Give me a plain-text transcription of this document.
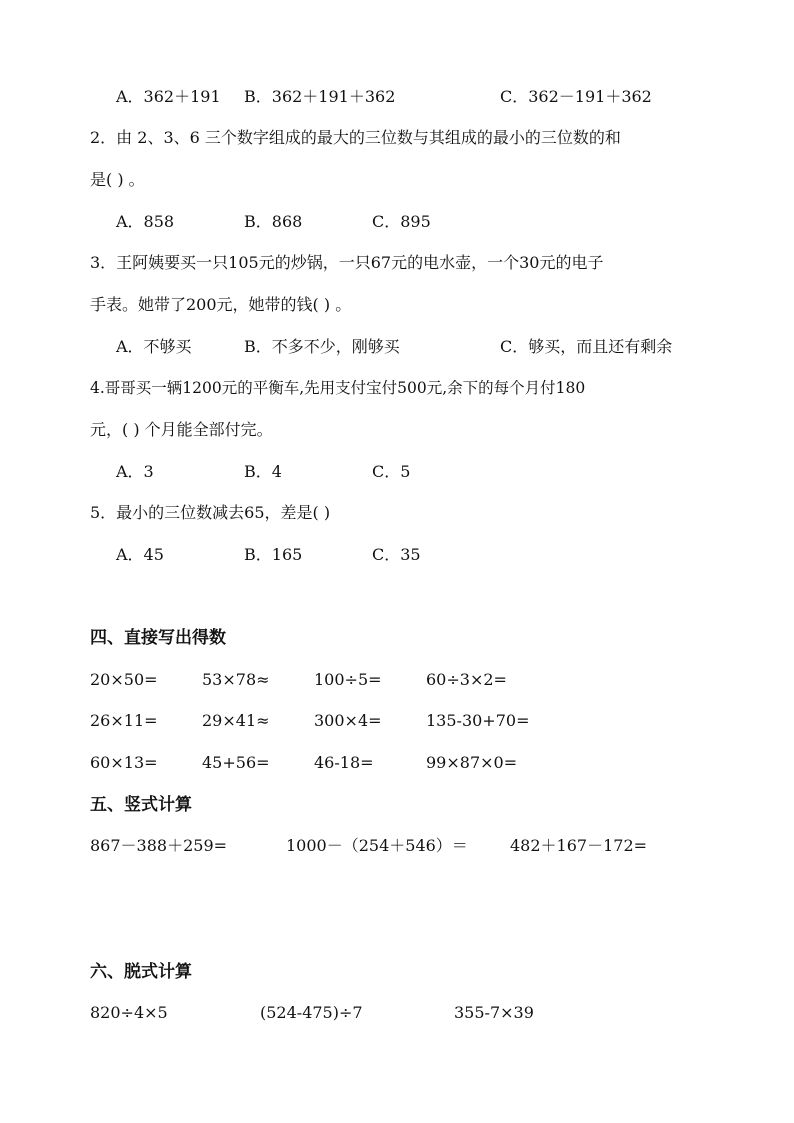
A．362＋191 B．362＋191＋362	C．362－191＋362
2．由 2、3、6 三个数字组成的最大的三位数与其组成的最小的三位数的和
是( ) 。
A．858	B．868	C．895
3．王阿姨要买一只105元的炒锅，一只67元的电水壶，一个30元的电子
手表。她带了200元，她带的钱( ) 。
A．不够买	B．不多不少，刚够买	C．够买，而且还有剩余
4.哥哥买一辆1200元的平衡车,先用支付宝付500元,余下的每个月付180
元，( ) 个月能全部付完。
A．3	B．4	C．5
5．最小的三位数减去65，差是( )
A．45	B．165	C．35
四、直接写出得数
20×50=	53×78≈	100÷5=	60÷3×2=
26×11=	29×41≈	300×4=	135-30+70=
60×13=	45+56=	46-18=	99×87×0=
五、竖式计算
867－388＋259=	1000－（254＋546）＝	482＋167－172=
六、脱式计算
820÷4×5	(524-475)÷7	355-7×39
